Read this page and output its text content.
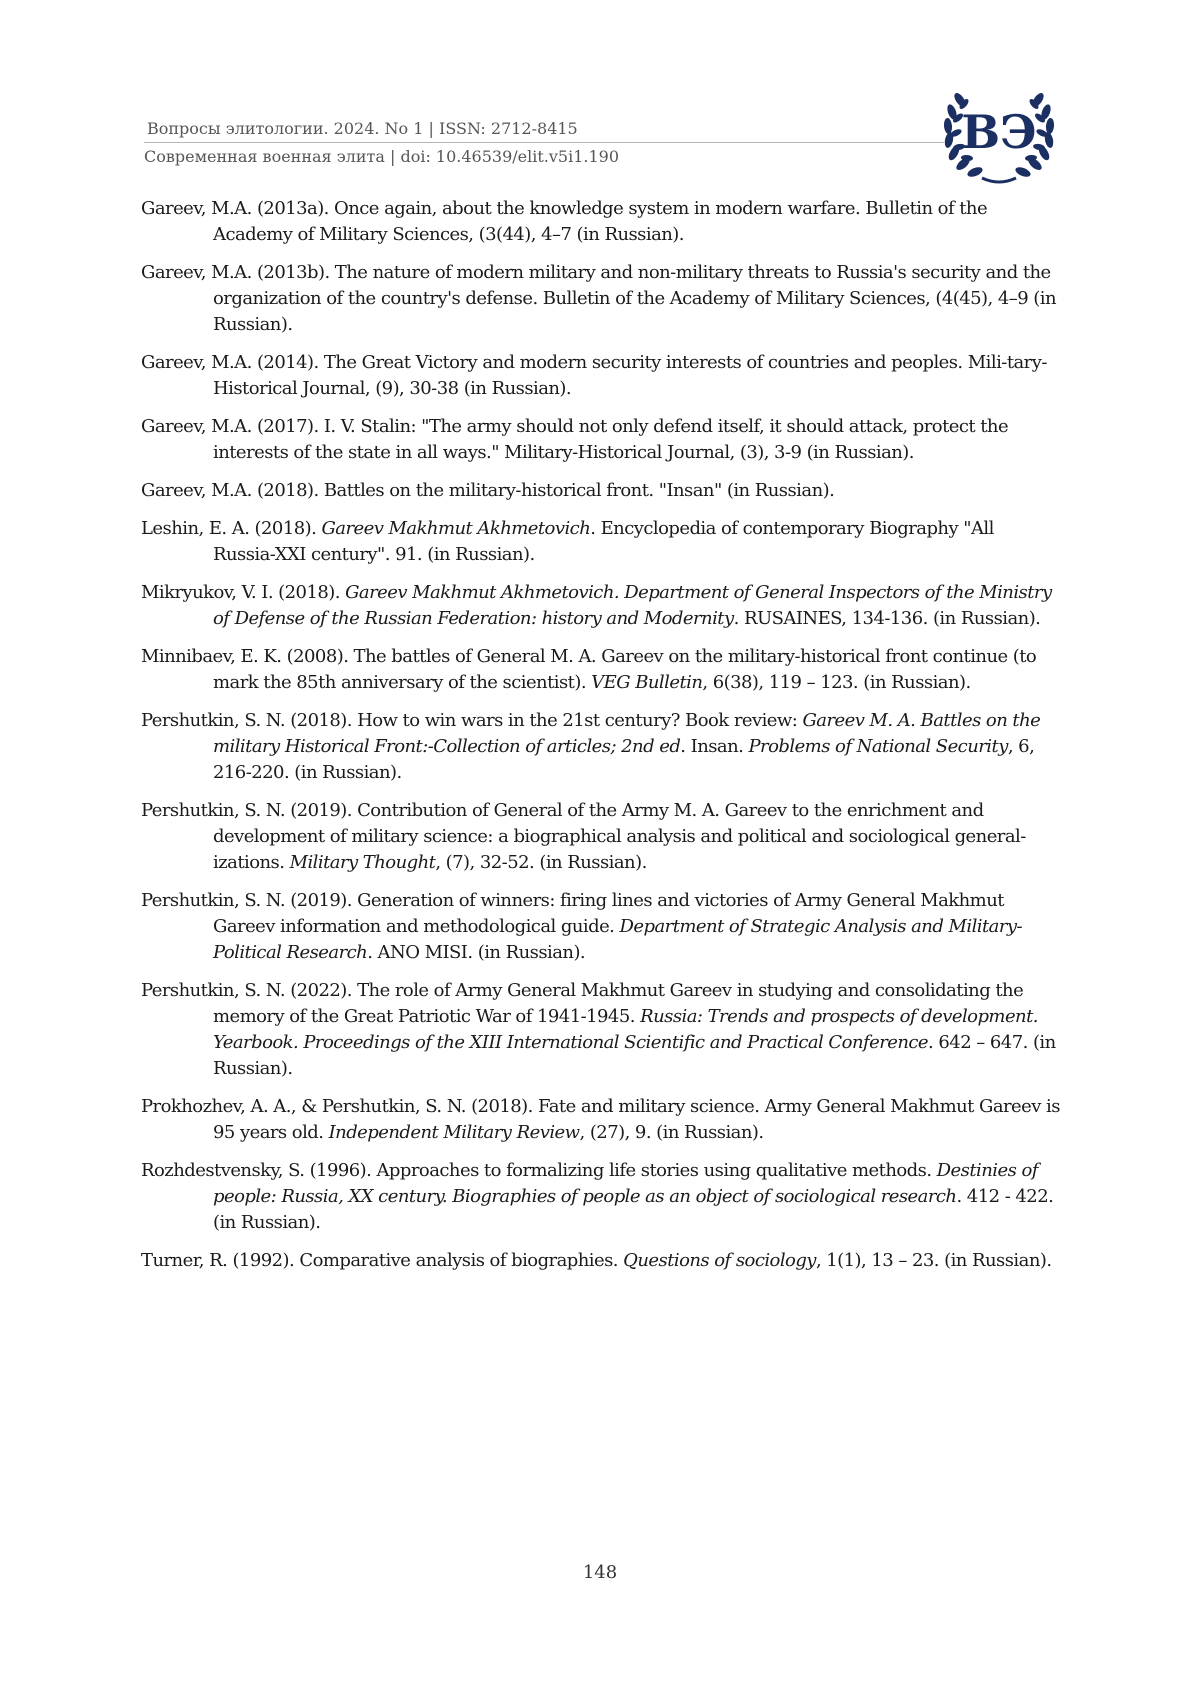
Вопросы элитологии. 2024. No 1 | ISSN: 2712-8415
Современная военная элита | doi: 10.46539/elit.v5i1.190	ВЭ

Gareev, M.A. (2013a). Once again, about the knowledge system in modern warfare. Bulletin of the Academy of Military Sciences, (3(44), 4–7 (in Russian).

Gareev, M.A. (2013b). The nature of modern military and non-military threats to Russia's security and the organization of the country's defense. Bulletin of the Academy of Military Sciences, (4(45), 4–9 (in Russian).

Gareev, M.A. (2014). The Great Victory and modern security interests of countries and peoples. Mili-tary-Historical Journal, (9), 30-38 (in Russian).

Gareev, M.A. (2017). I. V. Stalin: "The army should not only defend itself, it should attack, protect the interests of the state in all ways." Military-Historical Journal, (3), 3-9 (in Russian).

Gareev, M.A. (2018). Battles on the military-historical front. "Insan" (in Russian).

Leshin, E. A. (2018). Gareev Makhmut Akhmetovich. Encyclopedia of contemporary Biography "All Russia-XXI century". 91. (in Russian).

Mikryukov, V. I. (2018). Gareev Makhmut Akhmetovich. Department of General Inspectors of the Ministry of Defense of the Russian Federation: history and Modernity. RUSAINES, 134-136. (in Russian).

Minnibaev, E. K. (2008). The battles of General M. A. Gareev on the military-historical front continue (to mark the 85th anniversary of the scientist). VEG Bulletin, 6(38), 119 – 123. (in Russian).

Pershutkin, S. N. (2018). How to win wars in the 21st century? Book review: Gareev M. A. Battles on the military Historical Front:-Collection of articles; 2nd ed. Insan. Problems of National Security, 6, 216-220. (in Russian).

Pershutkin, S. N. (2019). Contribution of General of the Army M. A. Gareev to the enrichment and development of military science: a biographical analysis and political and sociological general-izations. Military Thought, (7), 32-52. (in Russian).

Pershutkin, S. N. (2019). Generation of winners: firing lines and victories of Army General Makhmut Gareev information and methodological guide. Department of Strategic Analysis and Military-Political Research. ANO MISI. (in Russian).

Pershutkin, S. N. (2022). The role of Army General Makhmut Gareev in studying and consolidating the memory of the Great Patriotic War of 1941-1945. Russia: Trends and prospects of development. Yearbook. Proceedings of the XIII International Scientific and Practical Conference. 642 – 647. (in Russian).

Prokhozhev, A. A., & Pershutkin, S. N. (2018). Fate and military science. Army General Makhmut Gareev is 95 years old. Independent Military Review, (27), 9. (in Russian).

Rozhdestvensky, S. (1996). Approaches to formalizing life stories using qualitative methods. Destinies of people: Russia, XX century. Biographies of people as an object of sociological research. 412 - 422. (in Russian).

Turner, R. (1992). Comparative analysis of biographies. Questions of sociology, 1(1), 13 – 23. (in Russian).

148
